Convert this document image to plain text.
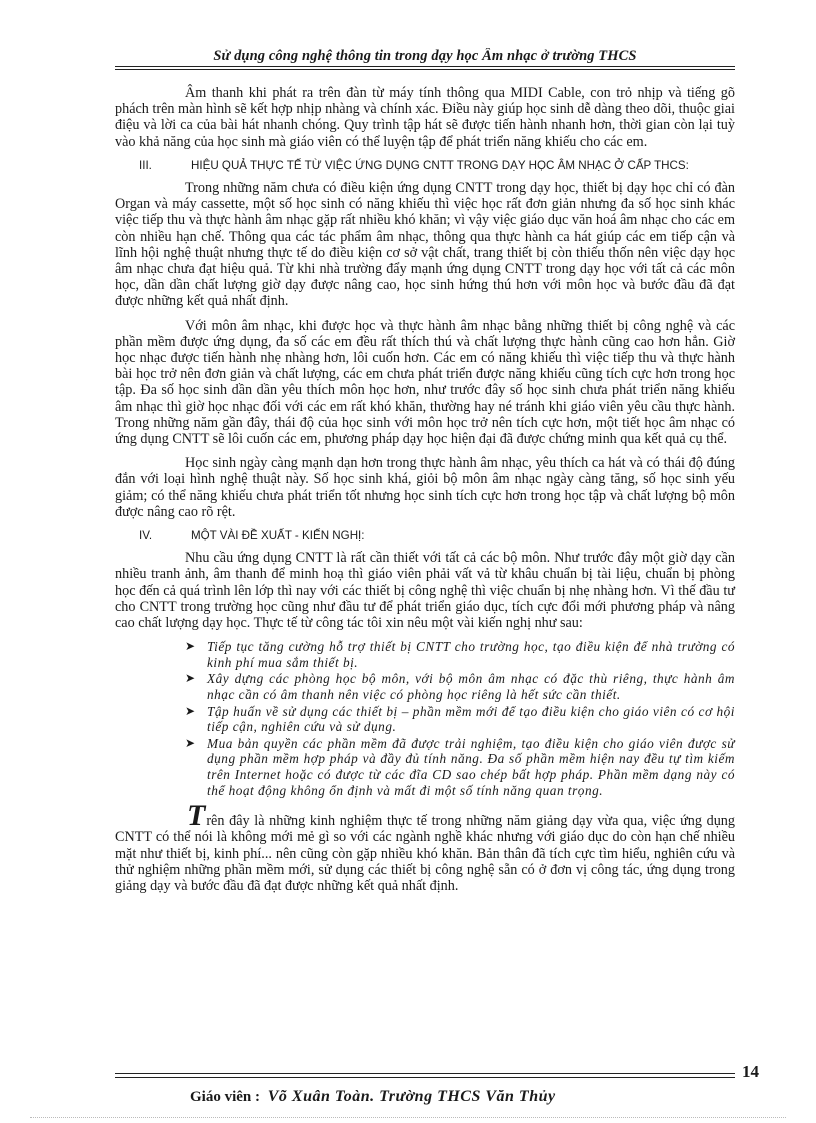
Sử dụng công nghệ thông tin trong dạy học Âm nhạc ở trường THCS

Âm thanh khi phát ra trên đàn từ máy tính thông qua MIDI Cable, con trỏ nhịp và tiếng gõ phách trên màn hình sẽ kết hợp nhịp nhàng và chính xác. Điều này giúp học sinh dễ dàng theo dõi, thuộc giai điệu và lời ca của bài hát nhanh chóng. Quy trình tập hát sẽ được tiến hành nhanh hơn, thời gian còn lại tuỳ vào khả năng của học sinh mà giáo viên có thể luyện tập để phát triển năng khiếu cho các em.

III.	HIỆU QUẢ THỰC TẾ TỪ VIỆC ỨNG DỤNG CNTT TRONG DẠY HỌC ÂM NHẠC Ở CẤP THCS:

Trong những năm chưa có điều kiện ứng dụng CNTT trong dạy học, thiết bị dạy học chỉ có đàn Organ và máy cassette, một số học sinh có năng khiếu thì việc học rất đơn giản nhưng đa số học sinh khác việc tiếp thu và thực hành âm nhạc gặp rất nhiều khó khăn; vì vậy việc giáo dục văn hoá âm nhạc cho các em còn nhiều hạn chế. Thông qua các tác phẩm âm nhạc, thông qua thực hành ca hát giúp các em tiếp cận và lĩnh hội nghệ thuật nhưng thực tế do điều kiện cơ sở vật chất, trang thiết bị còn thiếu thốn nên việc dạy học âm nhạc chưa đạt hiệu quả. Từ khi nhà trường đẩy mạnh ứng dụng CNTT trong dạy học với tất cả các môn học, dần dần chất lượng giờ dạy được nâng cao, học sinh hứng thú hơn với môn học và bước đầu đã đạt được những kết quả nhất định.

Với môn âm nhạc, khi được học và thực hành âm nhạc bằng những thiết bị công nghệ và các phần mềm được ứng dụng, đa số các em đều rất thích thú và chất lượng thực hành cũng cao hơn hẳn. Giờ học nhạc được tiến hành nhẹ nhàng hơn, lôi cuốn hơn. Các em có năng khiếu thì việc tiếp thu và thực hành bài học trở nên đơn giản và chất lượng, các em chưa phát triển được năng khiếu cũng tích cực hơn trong học tập. Đa số học sinh dần dần yêu thích môn học hơn, như trước đây số học sinh chưa phát triển năng khiếu âm nhạc thì giờ học nhạc đối với các em rất khó khăn, thường hay né tránh khi giáo viên yêu cầu thực hành. Trong những năm gần đây, thái độ của học sinh với môn học trở nên tích cực hơn, một tiết học âm nhạc có ứng dụng CNTT sẽ lôi cuốn các em, phương pháp dạy học hiện đại đã được chứng minh qua kết quả cụ thể.

Học sinh ngày càng mạnh dạn hơn trong thực hành âm nhạc, yêu thích ca hát và có thái độ đúng đắn với loại hình nghệ thuật này. Số học sinh khá, giỏi bộ môn âm nhạc ngày càng tăng, số học sinh yếu giảm; có thể năng khiếu chưa phát triển tốt nhưng học sinh tích cực hơn trong học tập và chất lượng bộ môn được nâng cao rõ rệt.

IV.	MỘT VÀI ĐỀ XUẤT - KIẾN NGHỊ:

Nhu cầu ứng dụng CNTT là rất cần thiết với tất cả các bộ môn. Như trước đây một giờ dạy cần nhiều tranh ảnh, âm thanh để minh hoạ thì giáo viên phải vất vả từ khâu chuẩn bị tài liệu, chuẩn bị phòng học đến cả quá trình lên lớp thì nay với các thiết bị công nghệ thì việc chuẩn bị nhẹ nhàng hơn. Vì thế đầu tư cho CNTT trong trường học cũng như đầu tư để phát triển giáo dục, tích cực đổi mới phương pháp và nâng cao chất lượng dạy học. Thực tế từ công tác tôi xin nêu một vài kiến nghị như sau:

➤ Tiếp tục tăng cường hỗ trợ thiết bị CNTT cho trường học, tạo điều kiện để nhà trường có kinh phí mua sắm thiết bị.
➤ Xây dựng các phòng học bộ môn, với bộ môn âm nhạc có đặc thù riêng, thực hành âm nhạc cần có âm thanh nên việc có phòng học riêng là hết sức cần thiết.
➤ Tập huấn về sử dụng các thiết bị – phần mềm mới để tạo điều kiện cho giáo viên có cơ hội tiếp cận, nghiên cứu và sử dụng.
➤ Mua bản quyền các phần mềm đã được trải nghiệm, tạo điều kiện cho giáo viên được sử dụng phần mềm hợp pháp và đầy đủ tính năng. Đa số phần mềm hiện nay đều tự tìm kiếm trên Internet hoặc có được từ các đĩa CD sao chép bất hợp pháp. Phần mềm dạng này có thể hoạt động không ổn định và mất đi một số tính năng quan trọng.

Trên đây là những kinh nghiệm thực tế trong những năm giảng dạy vừa qua, việc ứng dụng CNTT có thể nói là không mới mẻ gì so với các ngành nghề khác nhưng với giáo dục do còn hạn chế nhiều mặt như thiết bị, kinh phí... nên cũng còn gặp nhiều khó khăn. Bản thân đã tích cực tìm hiểu, nghiên cứu và thử nghiệm những phần mềm mới, sử dụng các thiết bị công nghệ sẵn có ở đơn vị công tác, ứng dụng trong giảng dạy và bước đầu đã đạt được những kết quả nhất định.

14
Giáo viên : Võ Xuân Toàn. Trường THCS Văn Thủy
